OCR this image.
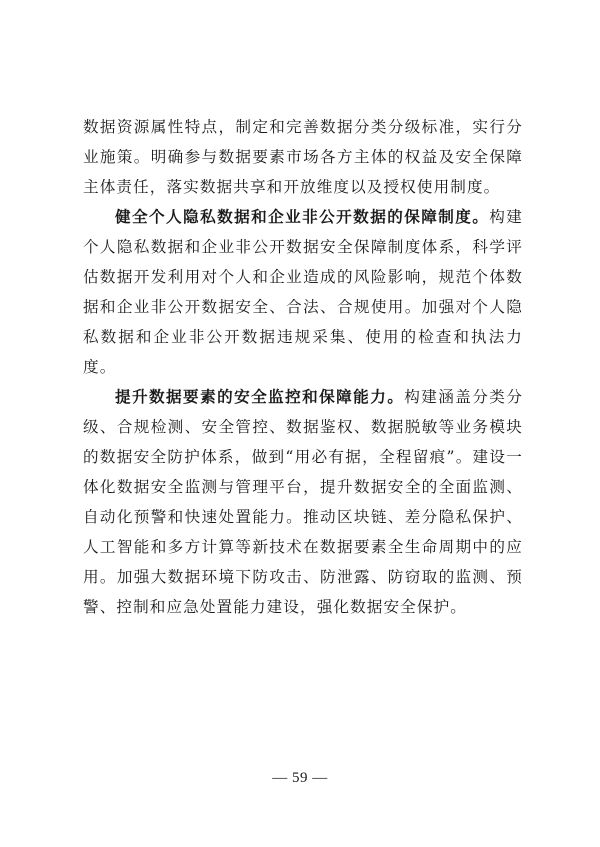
数据资源属性特点，制定和完善数据分类分级标准，实行分业施策。明确参与数据要素市场各方主体的权益及安全保障主体责任，落实数据共享和开放维度以及授权使用制度。

健全个人隐私数据和企业非公开数据的保障制度。构建个人隐私数据和企业非公开数据安全保障制度体系，科学评估数据开发利用对个人和企业造成的风险影响，规范个体数据和企业非公开数据安全、合法、合规使用。加强对个人隐私数据和企业非公开数据违规采集、使用的检查和执法力度。

提升数据要素的安全监控和保障能力。构建涵盖分类分级、合规检测、安全管控、数据鉴权、数据脱敏等业务模块的数据安全防护体系，做到“用必有据，全程留痕”。建设一体化数据安全监测与管理平台，提升数据安全的全面监测、自动化预警和快速处置能力。推动区块链、差分隐私保护、人工智能和多方计算等新技术在数据要素全生命周期中的应用。加强大数据环境下防攻击、防泄露、防窃取的监测、预警、控制和应急处置能力建设，强化数据安全保护。

— 59 —
